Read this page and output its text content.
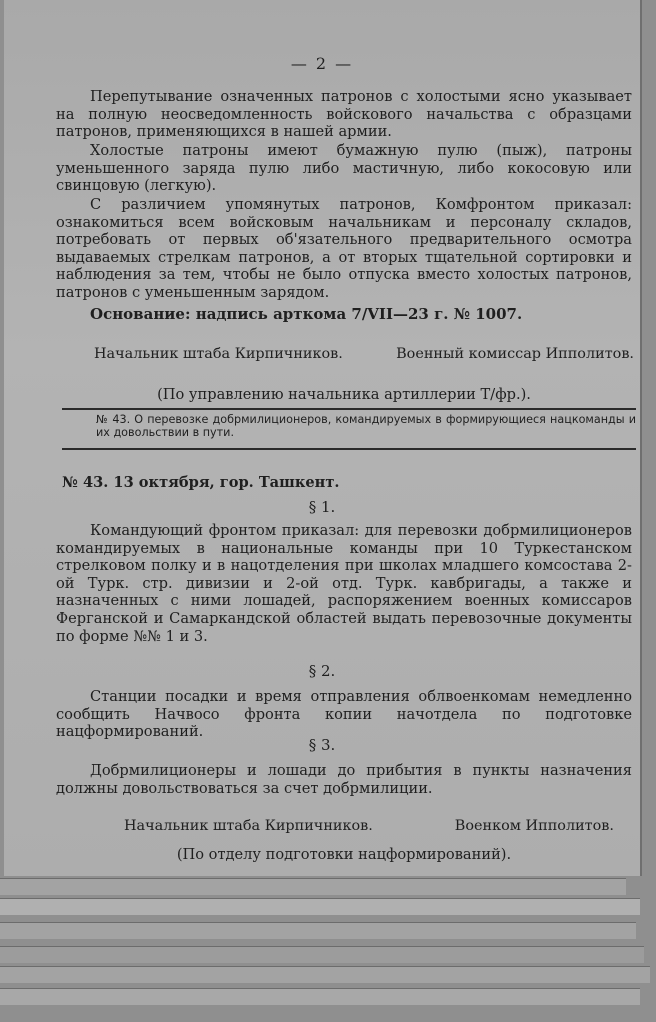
— 2 —
Перепутывание означенных патронов с холостыми ясно указывает на полную неосведомленность войскового начальства с образцами патронов, применяющихся в нашей армии.
Холостые патроны имеют бумажную пулю (пыж), патроны уменьшенного заряда пулю либо мастичную, либо кокосовую или свинцовую (легкую).
С различием упомянутых патронов, Комфронтом приказал: ознакомиться всем войсковым начальникам и персоналу складов, потребовать от первых об'язательного предварительного осмотра выдаваемых стрелкам патронов, а от вторых тщательной сортировки и наблюдения за тем, чтобы не было отпуска вместо холостых патронов, патронов с уменьшенным зарядом.
Основание: надпись арткома 7/VII—23 г. № 1007.
Начальник штаба Кирпичников.	Военный комиссар Ипполитов.
(По управлению начальника артиллерии Т/фр.).
№ 43. О перевозке добрмилиционеров, командируемых в формирующиеся нацкоманды и их довольствии в пути.
№ 43. 13 октября, гор. Ташкент.
§ 1.
Командующий фронтом приказал: для перевозки добрмилиционеров командируемых в национальные команды при 10 Туркестанском стрелковом полку и в нацотделения при школах младшего комсостава 2-ой Турк. стр. дивизии и 2-ой отд. Турк. кавбригады, а также и назначенных с ними лошадей, распоряжением военных комиссаров Ферганской и Самаркандской областей выдать перевозочные документы по форме №№ 1 и 3.
§ 2.
Станции посадки и время отправления облвоенкомам немедленно сообщить Начвосо фронта копии начотдела по подготовке нацформирований.
§ 3.
Добрмилиционеры и лошади до прибытия в пункты назначения должны довольствоваться за счет добрмилиции.
Начальник штаба Кирпичников.	Военком Ипполитов.
(По отделу подготовки нацформирований).
